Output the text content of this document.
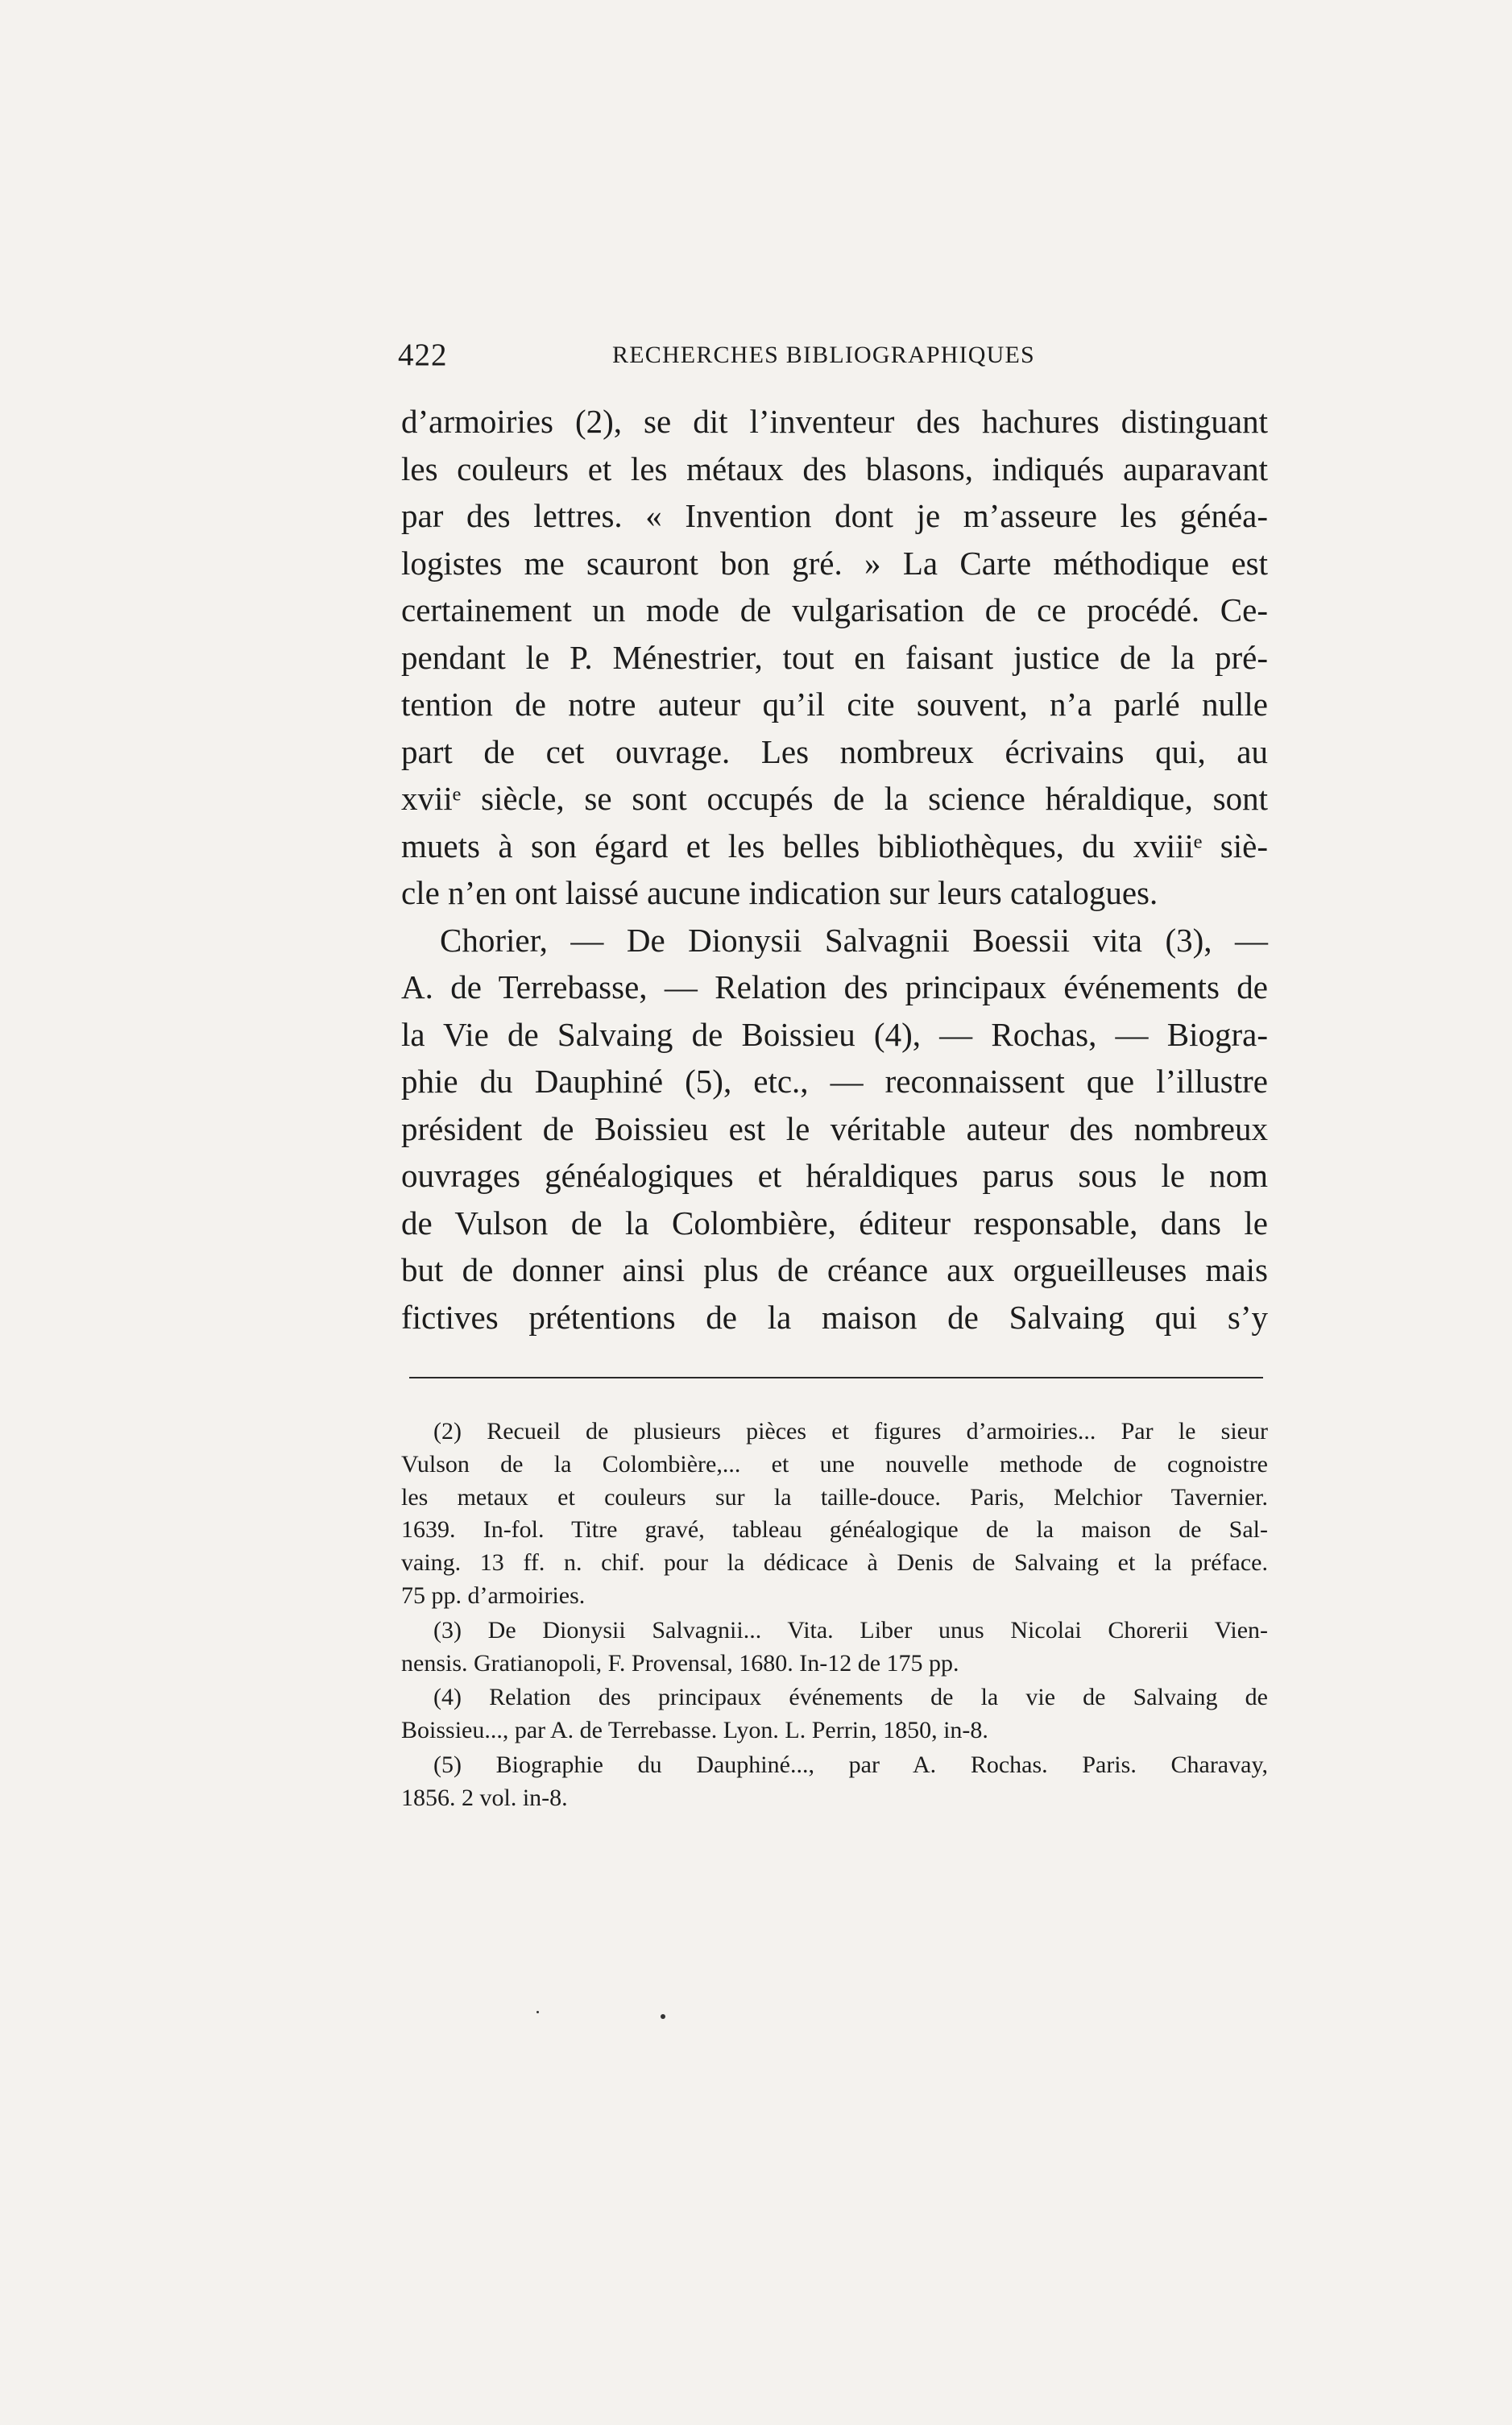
422	RECHERCHES BIBLIOGRAPHIQUES
d’armoiries (2), se dit l’inventeur des hachures distinguant
les couleurs et les métaux des blasons, indiqués auparavant
par des lettres. « Invention dont je m’asseure les généa-
logistes me scauront bon gré. » La Carte méthodique est
certainement un mode de vulgarisation de ce procédé. Ce-
pendant le P. Ménestrier, tout en faisant justice de la pré-
tention de notre auteur qu’il cite souvent, n’a parlé nulle
part de cet ouvrage. Les nombreux écrivains qui, au
xviiᵉ siècle, se sont occupés de la science héraldique, sont
muets à son égard et les belles bibliothèques, du xviiiᵉ siè-
cle n’en ont laissé aucune indication sur leurs catalogues.
Chorier, — De Dionysii Salvagnii Boessii vita (3), —
A. de Terrebasse, — Relation des principaux événements de
la Vie de Salvaing de Boissieu (4), — Rochas, — Biogra-
phie du Dauphiné (5), etc., — reconnaissent que l’illustre
président de Boissieu est le véritable auteur des nombreux
ouvrages généalogiques et héraldiques parus sous le nom
de Vulson de la Colombière, éditeur responsable, dans le
but de donner ainsi plus de créance aux orgueilleuses mais
fictives prétentions de la maison de Salvaing qui s’y
(2) Recueil de plusieurs pièces et figures d’armoiries... Par le sieur
Vulson de la Colombière,... et une nouvelle methode de cognoistre
les metaux et couleurs sur la taille-douce. Paris, Melchior Tavernier.
1639. In-fol. Titre gravé, tableau généalogique de la maison de Sal-
vaing. 13 ff. n. chif. pour la dédicace à Denis de Salvaing et la préface.
75 pp. d’armoiries.
(3) De Dionysii Salvagnii... Vita. Liber unus Nicolai Chorerii Vien-
nensis. Gratianopoli, F. Provensal, 1680. In-12 de 175 pp.
(4) Relation des principaux événements de la vie de Salvaing de
Boissieu..., par A. de Terrebasse. Lyon. L. Perrin, 1850, in-8.
(5) Biographie du Dauphiné..., par A. Rochas. Paris. Charavay,
1856. 2 vol. in-8.
